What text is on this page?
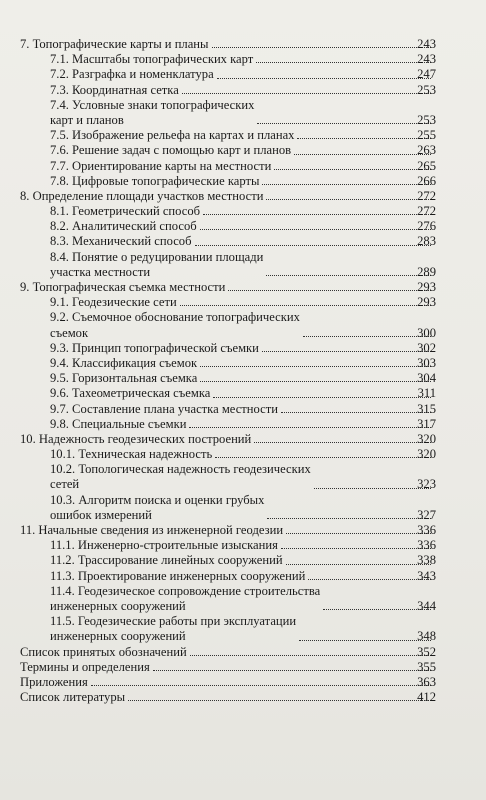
7. Топографические карты и планы	243
7.1. Масштабы топографических карт	243
7.2. Разграфка и номенклатура	247
7.3. Координатная сетка	253
7.4. Условные знаки топографических
карт и планов	253
7.5. Изображение рельефа на картах и планах	255
7.6. Решение задач с помощью карт и планов	263
7.7. Ориентирование карты на местности	265
7.8. Цифровые топографические карты	266
8. Определение площади участков местности	272
8.1. Геометрический способ	272
8.2. Аналитический способ	276
8.3. Механический способ	283
8.4. Понятие о редуцировании площади
участка местности	289
9. Топографическая съемка местности	293
9.1. Геодезические сети	293
9.2. Съемочное обоснование топографических
съемок	300
9.3. Принцип топографической съемки	302
9.4. Классификация съемок	303
9.5. Горизонтальная съемка	304
9.6. Тахеометрическая съемка	311
9.7. Составление плана участка местности	315
9.8. Специальные съемки	317
10. Надежность геодезических построений	320
10.1. Техническая надежность	320
10.2. Топологическая надежность геодезических
сетей	323
10.3. Алгоритм поиска и оценки грубых
ошибок измерений	327
11. Начальные сведения из инженерной геодезии	336
11.1. Инженерно-строительные изыскания	336
11.2. Трассирование линейных сооружений	338
11.3. Проектирование инженерных сооружений	343
11.4. Геодезическое сопровождение строительства
инженерных сооружений	344
11.5. Геодезические работы при эксплуатации
инженерных сооружений	348
Список принятых обозначений	352
Термины и определения	355
Приложения	363
Список литературы	412
